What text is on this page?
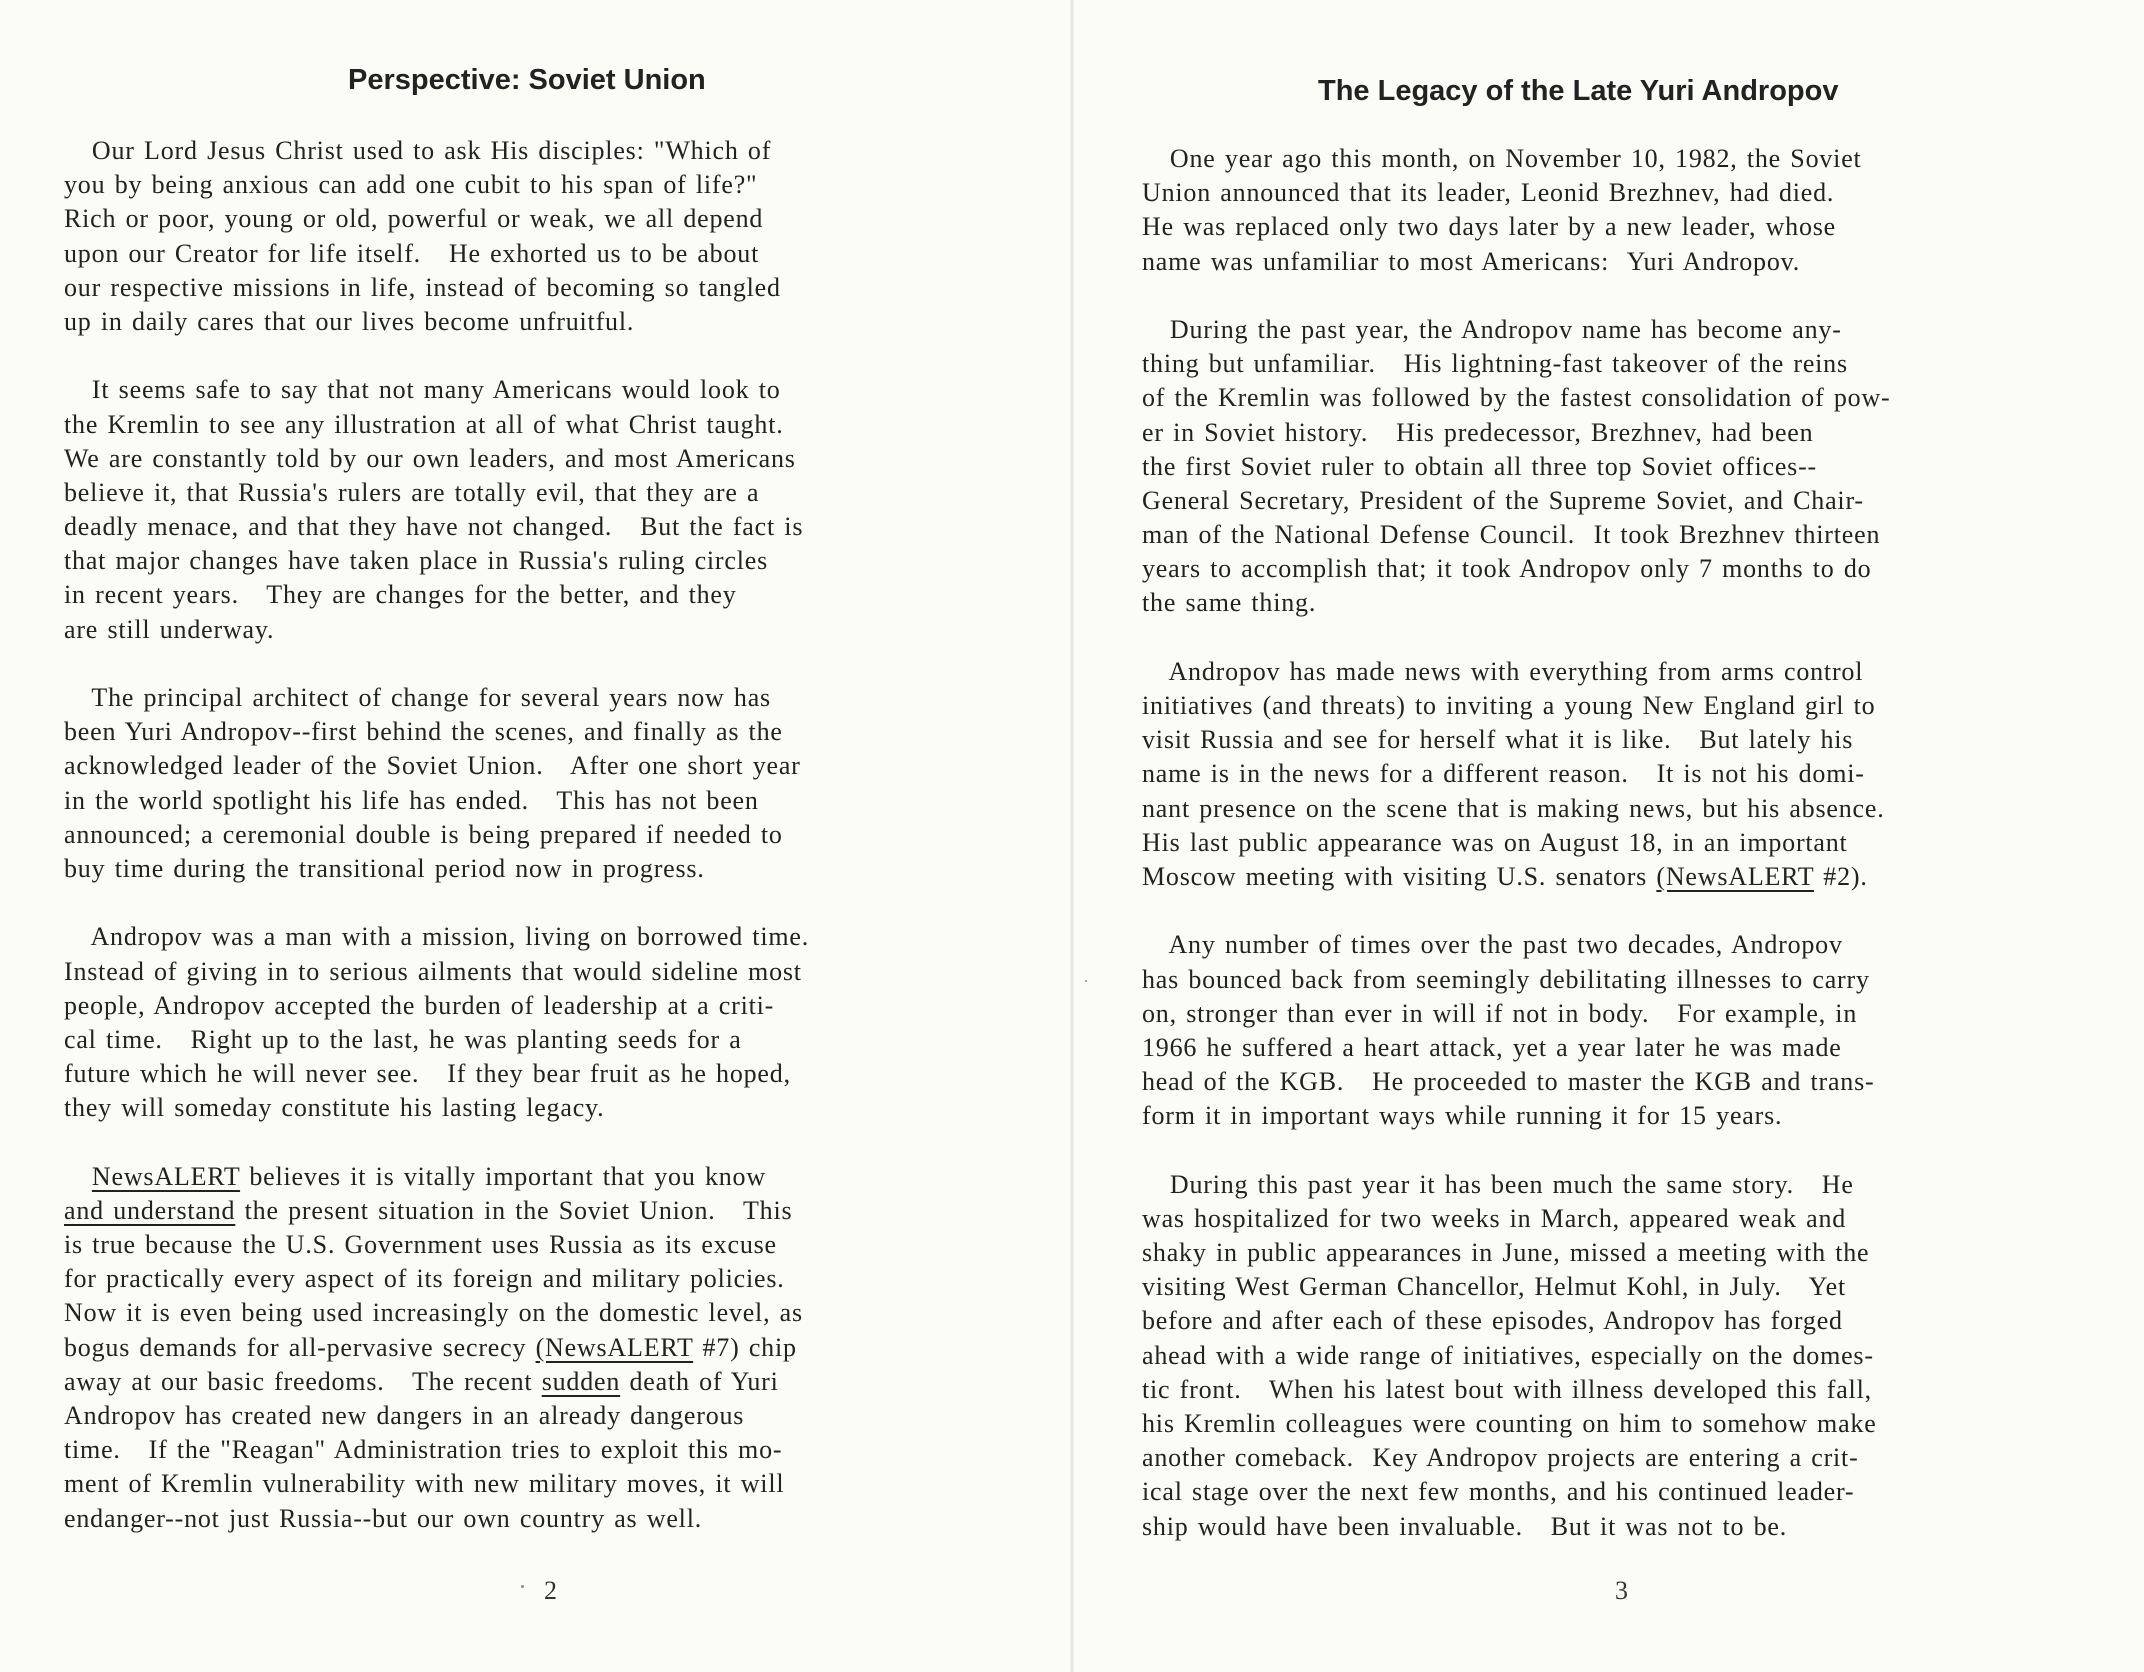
Perspective: Soviet Union
Our Lord Jesus Christ used to ask His disciples: "Which of
you by being anxious can add one cubit to his span of life?"
Rich or poor, young or old, powerful or weak, we all depend
upon our Creator for life itself.   He exhorted us to be about
our respective missions in life, instead of becoming so tangled
up in daily cares that our lives become unfruitful.
It seems safe to say that not many Americans would look to
the Kremlin to see any illustration at all of what Christ taught.
We are constantly told by our own leaders, and most Americans
believe it, that Russia's rulers are totally evil, that they are a
deadly menace, and that they have not changed.   But the fact is
that major changes have taken place in Russia's ruling circles
in recent years.   They are changes for the better, and they
are still underway.
The principal architect of change for several years now has
been Yuri Andropov--first behind the scenes, and finally as the
acknowledged leader of the Soviet Union.   After one short year
in the world spotlight his life has ended.   This has not been
announced; a ceremonial double is being prepared if needed to
buy time during the transitional period now in progress.
Andropov was a man with a mission, living on borrowed time.
Instead of giving in to serious ailments that would sideline most
people, Andropov accepted the burden of leadership at a criti-
cal time.   Right up to the last, he was planting seeds for a
future which he will never see.   If they bear fruit as he hoped,
they will someday constitute his lasting legacy.
NewsALERT believes it is vitally important that you know
and understand the present situation in the Soviet Union.   This
is true because the U.S. Government uses Russia as its excuse
for practically every aspect of its foreign and military policies.
Now it is even being used increasingly on the domestic level, as
bogus demands for all-pervasive secrecy (NewsALERT #7) chip
away at our basic freedoms.   The recent sudden death of Yuri
Andropov has created new dangers in an already dangerous
time.   If the "Reagan" Administration tries to exploit this mo-
ment of Kremlin vulnerability with new military moves, it will
endanger--not just Russia--but our own country as well.
2
The Legacy of the Late Yuri Andropov
One year ago this month, on November 10, 1982, the Soviet
Union announced that its leader, Leonid Brezhnev, had died.
He was replaced only two days later by a new leader, whose
name was unfamiliar to most Americans:  Yuri Andropov.
During the past year, the Andropov name has become any-
thing but unfamiliar.   His lightning-fast takeover of the reins
of the Kremlin was followed by the fastest consolidation of pow-
er in Soviet history.   His predecessor, Brezhnev, had been
the first Soviet ruler to obtain all three top Soviet offices--
General Secretary, President of the Supreme Soviet, and Chair-
man of the National Defense Council.  It took Brezhnev thirteen
years to accomplish that; it took Andropov only 7 months to do
the same thing.
Andropov has made news with everything from arms control
initiatives (and threats) to inviting a young New England girl to
visit Russia and see for herself what it is like.   But lately his
name is in the news for a different reason.   It is not his domi-
nant presence on the scene that is making news, but his absence.
His last public appearance was on August 18, in an important
Moscow meeting with visiting U.S. senators (NewsALERT #2).
Any number of times over the past two decades, Andropov
has bounced back from seemingly debilitating illnesses to carry
on, stronger than ever in will if not in body.   For example, in
1966 he suffered a heart attack, yet a year later he was made
head of the KGB.   He proceeded to master the KGB and trans-
form it in important ways while running it for 15 years.
During this past year it has been much the same story.   He
was hospitalized for two weeks in March, appeared weak and
shaky in public appearances in June, missed a meeting with the
visiting West German Chancellor, Helmut Kohl, in July.   Yet
before and after each of these episodes, Andropov has forged
ahead with a wide range of initiatives, especially on the domes-
tic front.   When his latest bout with illness developed this fall,
his Kremlin colleagues were counting on him to somehow make
another comeback.  Key Andropov projects are entering a crit-
ical stage over the next few months, and his continued leader-
ship would have been invaluable.   But it was not to be.
3
